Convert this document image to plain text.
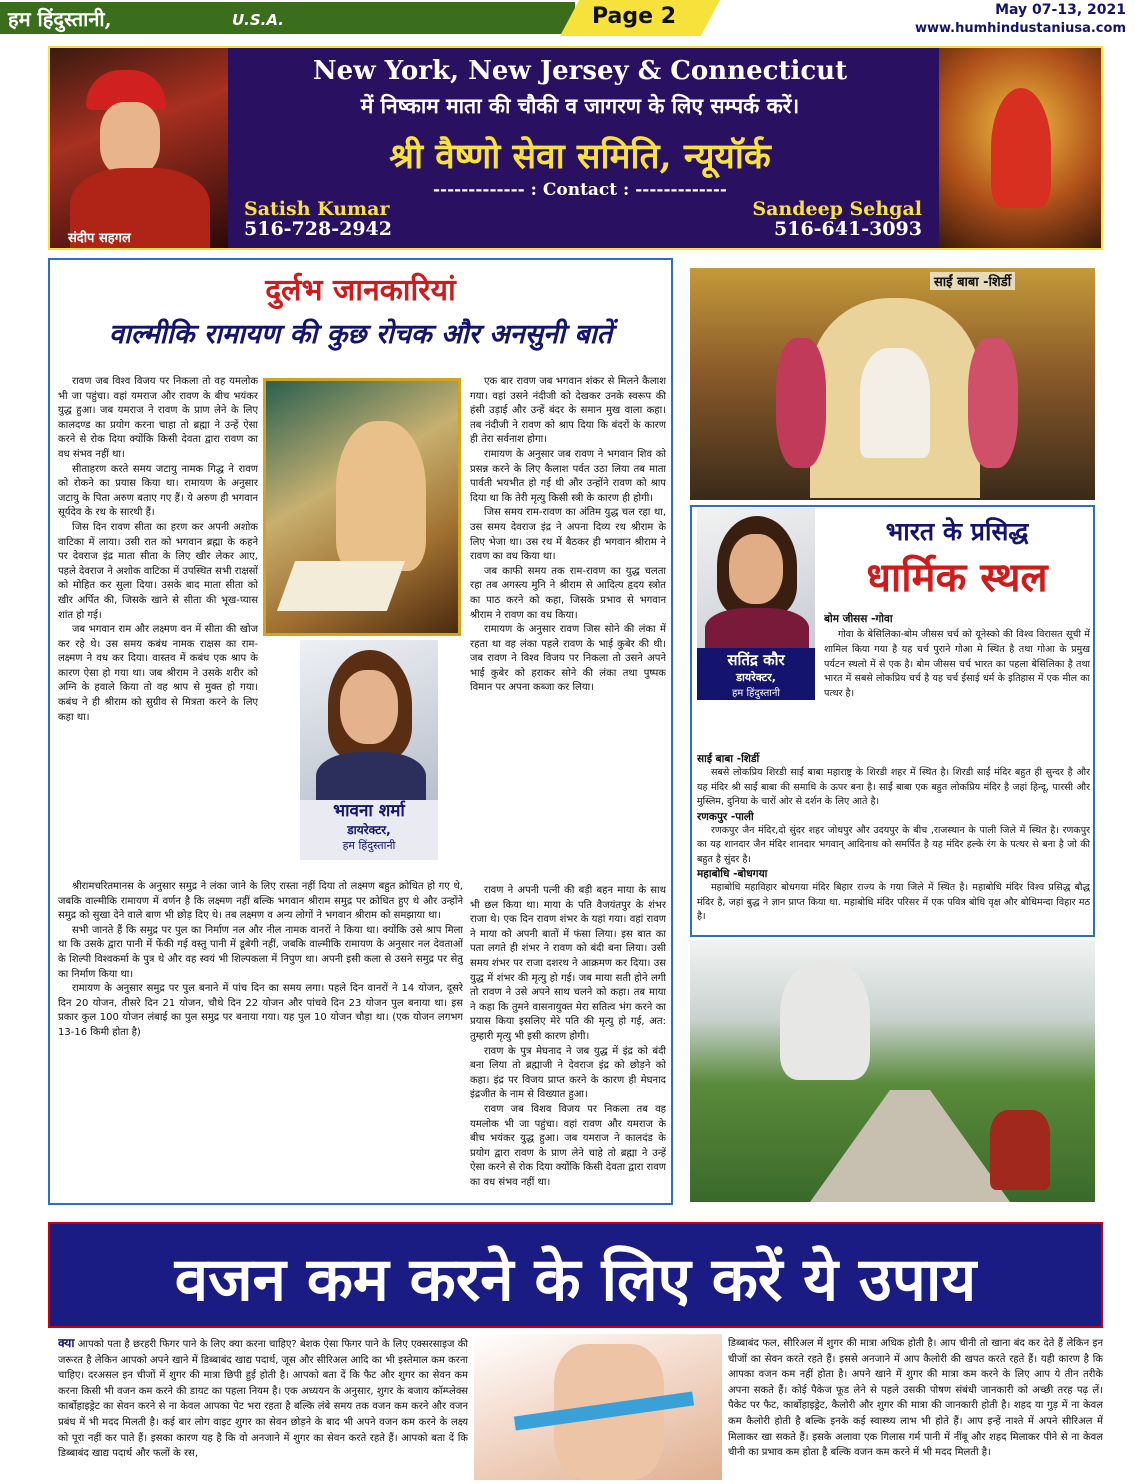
हम हिंदुस्तानी,	U.S.A.	Page 2	May 07-13, 2021
www.humhindustaniusa.com
संदीप सहगल
New York, New Jersey & Connecticut
में निष्काम माता की चौकी व जागरण के लिए सम्पर्क करें।
श्री वैष्णो सेवा समिति, न्यूयॉर्क
------------- : Contact : -------------
Satish Kumar
516-728-2942
Sandeep Sehgal
516-641-3093
दुर्लभ जानकारियां
वाल्मीकि रामायण की कुछ रोचक और अनसुनी बातें

रावण जब विश्व विजय पर निकला तो वह यमलोक भी जा पहुंचा। वहां यमराज और रावण के बीच भयंकर युद्ध हुआ। जब यमराज ने रावण के प्राण लेने के लिए कालदण्ड का प्रयोग करना चाहा तो ब्रह्मा ने उन्हें ऐसा करने से रोक दिया क्योंकि किसी देवता द्वारा रावण का वध संभव नहीं था।

सीताहरण करते समय जटायु नामक गिद्ध ने रावण को रोकने का प्रयास किया था। रामायण के अनुसार जटायु के पिता अरुण बताए गए हैं। ये अरुण ही भगवान सूर्यदेव के रथ के सारथी हैं।

जिस दिन रावण सीता का हरण कर अपनी अशोक वाटिका में लाया। उसी रात को भगवान ब्रह्मा के कहने पर देवराज इंद्र माता सीता के लिए खीर लेकर आए, पहले देवराज ने अशोक वाटिका में उपस्थित सभी राक्षसों को मोहित कर सुला दिया। उसके बाद माता सीता को खीर अर्पित की, जिसके खाने से सीता की भूख-प्यास शांत हो गई।

जब भगवान राम और लक्ष्मण वन में सीता की खोज कर रहे थे। उस समय कबंध नामक राक्षस का राम-लक्ष्मण ने वध कर दिया। वास्तव में कबंध एक श्राप के कारण ऐसा हो गया था। जब श्रीराम ने उसके शरीर को अग्नि के हवाले किया तो वह श्राप से मुक्त हो गया। कबंध ने ही श्रीराम को सुग्रीव से मित्रता करने के लिए कहा था।

श्रीरामचरितमानस के अनुसार समुद्र ने लंका जाने के लिए रास्ता नहीं दिया तो लक्ष्मण बहुत क्रोधित हो गए थे, जबकि वाल्मीकि रामायण में वर्णन है कि लक्ष्मण नहीं बल्कि भगवान श्रीराम समुद्र पर क्रोधित हुए थे और उन्होंने समुद्र को सुखा देने वाले बाण भी छोड़ दिए थे। तब लक्ष्मण व अन्य लोगों ने भगवान श्रीराम को समझाया था।

सभी जानते हैं कि समुद्र पर पुल का निर्माण नल और नील नामक वानरों ने किया था। क्योंकि उसे श्राप मिला था कि उसके द्वारा पानी में फेंकी गई वस्तु पानी में डूबेगी नहीं, जबकि वाल्मीकि रामायण के अनुसार नल देवताओं के शिल्पी विश्वकर्मा के पुत्र थे और वह स्वयं भी शिल्पकला में निपुण था। अपनी इसी कला से उसने समुद्र पर सेतु का निर्माण किया था।

रामायण के अनुसार समुद्र पर पुल बनाने में पांच दिन का समय लगा। पहले दिन वानरों ने 14 योजन, दूसरे दिन 20 योजन, तीसरे दिन 21 योजन, चौथे दिन 22 योजन और पांचवे दिन 23 योजन पुल बनाया था। इस प्रकार कुल 100 योजन लंबाई का पुल समुद्र पर बनाया गया। यह पुल 10 योजन चौड़ा था। (एक योजन लगभग 13-16 किमी होता है)

भावना शर्मा
डायरेक्टर,
हम हिंदुस्तानी

एक बार रावण जब भगवान शंकर से मिलने कैलाश गया। वहां उसने नंदीजी को देखकर उनके स्वरूप की हंसी उड़ाई और उन्हें बंदर के समान मुख वाला कहा। तब नंदीजी ने रावण को श्राप दिया कि बंदरों के कारण ही तेरा सर्वनाश होगा।

रामायण के अनुसार जब रावण ने भगवान शिव को प्रसन्न करने के लिए कैलाश पर्वत उठा लिया तब माता पार्वती भयभीत हो गई थी और उन्होंने रावण को श्राप दिया था कि तेरी मृत्यु किसी स्त्री के कारण ही होगी।

जिस समय राम-रावण का अंतिम युद्ध चल रहा था, उस समय देवराज इंद्र ने अपना दिव्य रथ श्रीराम के लिए भेजा था। उस रथ में बैठकर ही भगवान श्रीराम ने रावण का वध किया था।

जब काफी समय तक राम-रावण का युद्ध चलता रहा तब अगस्त्य मुनि ने श्रीराम से आदित्य हृदय स्त्रोत का पाठ करने को कहा, जिसके प्रभाव से भगवान श्रीराम ने रावण का वध किया।

रामायण के अनुसार रावण जिस सोने की लंका में रहता था वह लंका पहले रावण के भाई कुबेर की थी। जब रावण ने विश्व विजय पर निकला तो उसने अपने भाई कुबेर को हराकर सोने की लंका तथा पुष्पक विमान पर अपना कब्जा कर लिया।

रावण ने अपनी पत्नी की बड़ी बहन माया के साथ भी छल किया था। माया के पति वैजयंतपुर के शंभर राजा थे। एक दिन रावण शंभर के यहां गया। वहां रावण ने माया को अपनी बातों में फंसा लिया। इस बात का पता लगते ही शंभर ने रावण को बंदी बना लिया। उसी समय शंभर पर राजा दशरथ ने आक्रमण कर दिया। उस युद्ध में शंभर की मृत्यु हो गई। जब माया सती होने लगी तो रावण ने उसे अपने साथ चलने को कहा। तब माया ने कहा कि तुमने वासनायुक्त मेरा सतित्व भंग करने का प्रयास किया इसलिए मेरे पति की मृत्यु हो गई, अत: तुम्हारी मृत्यु भी इसी कारण होगी।

रावण के पुत्र मेघनाद ने जब युद्ध में इंद्र को बंदी बना लिया तो ब्रह्माजी ने देवराज इंद्र को छोड़ने को कहा। इंद्र पर विजय प्राप्त करने के कारण ही मेघनाद इंद्रजीत के नाम से विख्यात हुआ।

रावण जब विशव विजय पर निकला तब वह यमलोक भी जा पहुंचा। वहां रावण और यमराज के बीच भयंकर युद्ध हुआ। जब यमराज ने कालदंड के प्रयोग द्वारा रावण के प्राण लेने चाहे तो ब्रह्मा ने उन्हें ऐसा करने से रोक दिया क्योंकि किसी देवता द्वारा रावण का वध संभव नहीं था।

साईं बाबा -शिर्डी
सतिंद्र कौर
डायरेक्टर,
हम हिंदुस्तानी
भारत के प्रसिद्ध
धार्मिक स्थल
बोम जीसस -गोवा

गोवा के बेसिलिका-बोम जीसस चर्च को यूनेस्को की विश्व विरासत सूची में शामिल किया गया है यह चर्च पुराने गोआ मे स्थित है तथा गोआ के प्रमुख पर्यटन स्थलो में से एक है। बोम जीसस चर्च भारत का पहला बेसिलिका है तथा भारत में सबसे लोकप्रिय चर्च है यह चर्च ईसाई धर्म के इतिहास में एक मील का पत्थर है।

साईं बाबा -शिर्डी

सबसे लोकप्रिय शिरडी साईं बाबा महाराष्ट्र के शिरडी शहर में स्थित है। शिरडी साईं मंदिर बहुत ही सुन्दर है और यह मंदिर श्री साईं बाबा की समाधि के ऊपर बना है। साईं बाबा एक बहुत लोकप्रिय मंदिर है जहां हिन्दू, पारसी और मुस्लिम, दुनिया के चारों ओर से दर्शन के लिए आते है।

रणकपुर -पाली

रणकपुर जैन मंदिर,दो सुंदर शहर जोधपुर और उदयपुर के बीच ,राजस्थान के पाली जिले में स्थित है। रणकपुर का यह शानदार जैन मंदिर शानदार भगवान् आदिनाथ को समर्पित है यह मंदिर हल्के रंग के पत्थर से बना है जो की बहुत है सुंदर है।

महाबोधि -बोधगया

महाबोधि महाविहार बोधगया मंदिर बिहार राज्य के गया जिले में स्थित है। महाबोधि मंदिर विश्व प्रसिद्ध बौद्ध मंदिर है, जहां बुद्ध ने ज्ञान प्राप्त किया था. महाबोधि मंदिर परिसर में एक पवित्र बोधि वृक्ष और बोधिमन्दा विहार मठ है।

वजन कम करने के लिए करें ये उपाय

क्या आपको पता है छरहरी फिगर पाने के लिए क्या करना चाहिए? बेशक ऐसा फिगर पाने के लिए एक्सरसाइज की जरूरत है लेकिन आपको अपने खाने में डिब्बाबंद खाद्य पदार्थ, जूस और सीरिअल आदि का भी इस्तेमाल कम करना चाहिए। दरअसल इन चीजों में शुगर की मात्रा छिपी हुई होती है। आपको बता दें कि फैट और शुगर का सेवन कम करना किसी भी वजन कम करने की डायट का पहला नियम है। एक अध्ययन के अनुसार, शुगर के बजाय कॉम्प्लेक्स कार्बोहाइड्रेट का सेवन करने से ना केवल आपका पेट भरा रहता है बल्कि लंबे समय तक वजन कम करने और वजन प्रबंध में भी मदद मिलती है। कई बार लोग वाइट शुगर का सेवन छोड़ने के बाद भी अपने वजन कम करने के लक्ष्य को पूरा नहीं कर पाते हैं। इसका कारण यह है कि वो अनजाने में शुगर का सेवन करते रहते हैं। आपको बता दें कि डिब्बाबंद खाद्य पदार्थ और फलों के रस,

डिब्बाबंद फल, सीरिअल में शुगर की मात्रा अधिक होती है। आप चीनी तो खाना बंद कर देते हैं लेकिन इन चीजों का सेवन करते रहते हैं। इससे अनजाने में आप कैलोरी की खपत करते रहते हैं। यही कारण है कि आपका वजन कम नहीं होता है। अपने खाने में शुगर की मात्रा कम करने के लिए आप ये तीन तरीके अपना सकते हैं। कोई पैकेज फूड लेने से पहले उसकी पोषण संबंधी जानकारी को अच्छी तरह पढ़ लें। पैकेट पर फैट, कार्बोहाइड्रेट, कैलोरी और शुगर की मात्रा की जानकारी होती है। शहद या गुड़ में ना केवल कम कैलोरी होती है बल्कि इनके कई स्वास्थ्य लाभ भी होते हैं। आप इन्हें नाश्ते में अपने सीरिअल में मिलाकर खा सकते हैं। इसके अलावा एक गिलास गर्म पानी में नींबू और शहद मिलाकर पीने से ना केवल चीनी का प्रभाव कम होता है बल्कि वजन कम करने में भी मदद मिलती है।
